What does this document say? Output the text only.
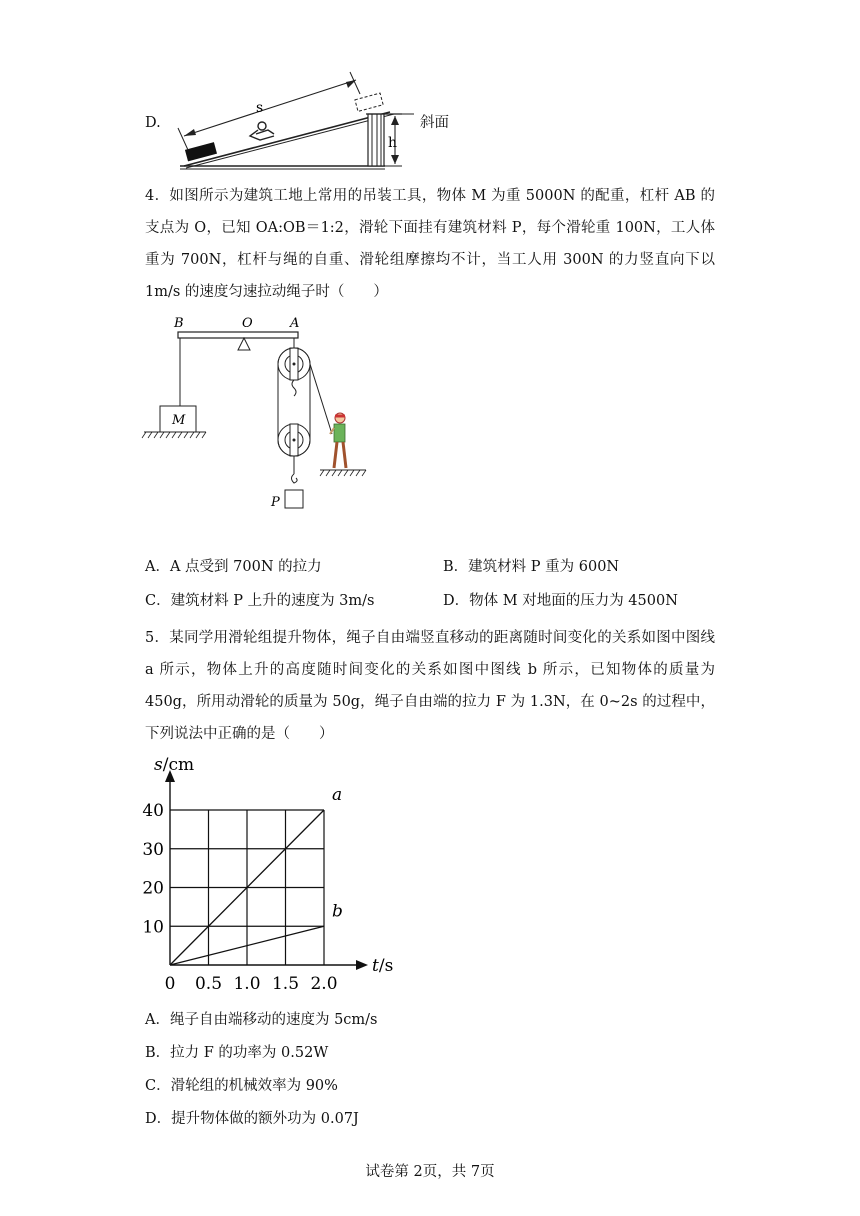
D.
s
h
斜面
4．如图所示为建筑工地上常用的吊装工具，物体 M 为重 5000N 的配重，杠杆 AB 的支点为 O，已知 OA:OB＝1:2，滑轮下面挂有建筑材料 P，每个滑轮重 100N，工人体重为 700N，杠杆与绳的自重、滑轮组摩擦均不计，当工人用 300N 的力竖直向下以 1m/s 的速度匀速拉动绳子时（　　）
B	O	A
M
P
A．A 点受到 700N 的拉力	B．建筑材料 P 重为 600N
C．建筑材料 P 上升的速度为 3m/s	D．物体 M 对地面的压力为 4500N
5．某同学用滑轮组提升物体，绳子自由端竖直移动的距离随时间变化的关系如图中图线 a 所示，物体上升的高度随时间变化的关系如图中图线 b 所示，已知物体的质量为 450g，所用动滑轮的质量为 50g，绳子自由端的拉力 F 为 1.3N，在 0~2s 的过程中，下列说法中正确的是（　　）
a
b
0 0.5 1.0 1.5 2.0
10
20
30
40
s/cm
t/s
A．绳子自由端移动的速度为 5cm/s
B．拉力 F 的功率为 0.52W
C．滑轮组的机械效率为 90%
D．提升物体做的额外功为 0.07J
试卷第 2页，共 7页
